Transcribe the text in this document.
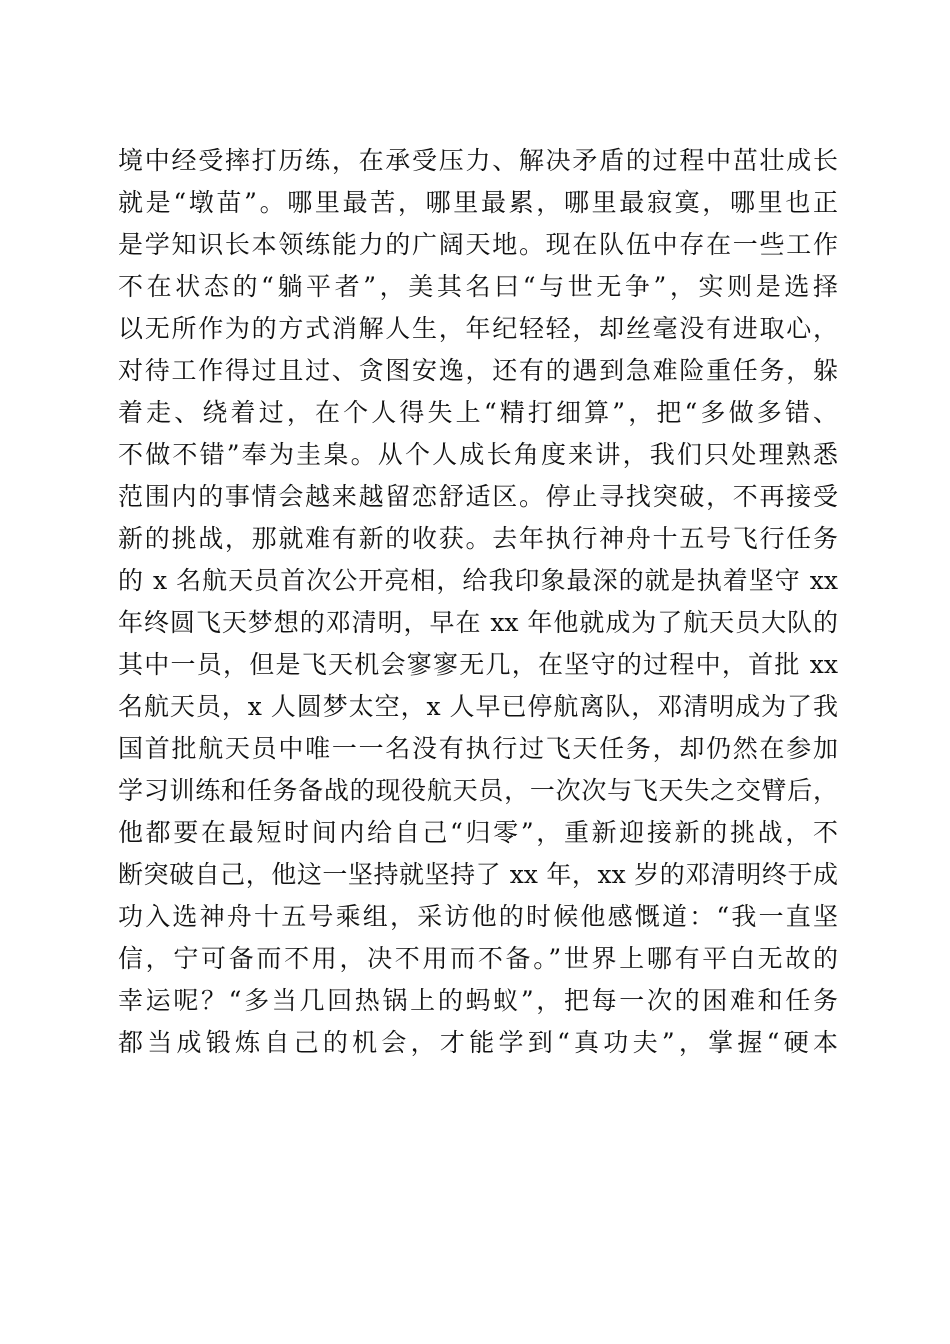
境中经受摔打历练，在承受压力、解决矛盾的过程中茁壮成长
就是“墩苗”。哪里最苦，哪里最累，哪里最寂寞，哪里也正
是学知识长本领练能力的广阔天地。现在队伍中存在一些工作
不在状态的“躺平者”，美其名曰“与世无争”，实则是选择
以无所作为的方式消解人生，年纪轻轻，却丝毫没有进取心，
对待工作得过且过、贪图安逸，还有的遇到急难险重任务，躲
着走、绕着过，在个人得失上“精打细算”，把“多做多错、
不做不错”奉为圭臬。从个人成长角度来讲，我们只处理熟悉
范围内的事情会越来越留恋舒适区。停止寻找突破，不再接受
新的挑战，那就难有新的收获。去年执行神舟十五号飞行任务
的 x 名航天员首次公开亮相，给我印象最深的就是执着坚守 xx
年终圆飞天梦想的邓清明，早在 xx 年他就成为了航天员大队的
其中一员，但是飞天机会寥寥无几，在坚守的过程中，首批 xx
名航天员，x 人圆梦太空，x 人早已停航离队，邓清明成为了我
国首批航天员中唯一一名没有执行过飞天任务，却仍然在参加
学习训练和任务备战的现役航天员，一次次与飞天失之交臂后，
他都要在最短时间内给自己“归零”，重新迎接新的挑战，不
断突破自己，他这一坚持就坚持了 xx 年，xx 岁的邓清明终于成
功入选神舟十五号乘组，采访他的时候他感慨道：“我一直坚
信，宁可备而不用，决不用而不备。”世界上哪有平白无故的
幸运呢？“多当几回热锅上的蚂蚁”，把每一次的困难和任务
都当成锻炼自己的机会，才能学到“真功夫”，掌握“硬本
